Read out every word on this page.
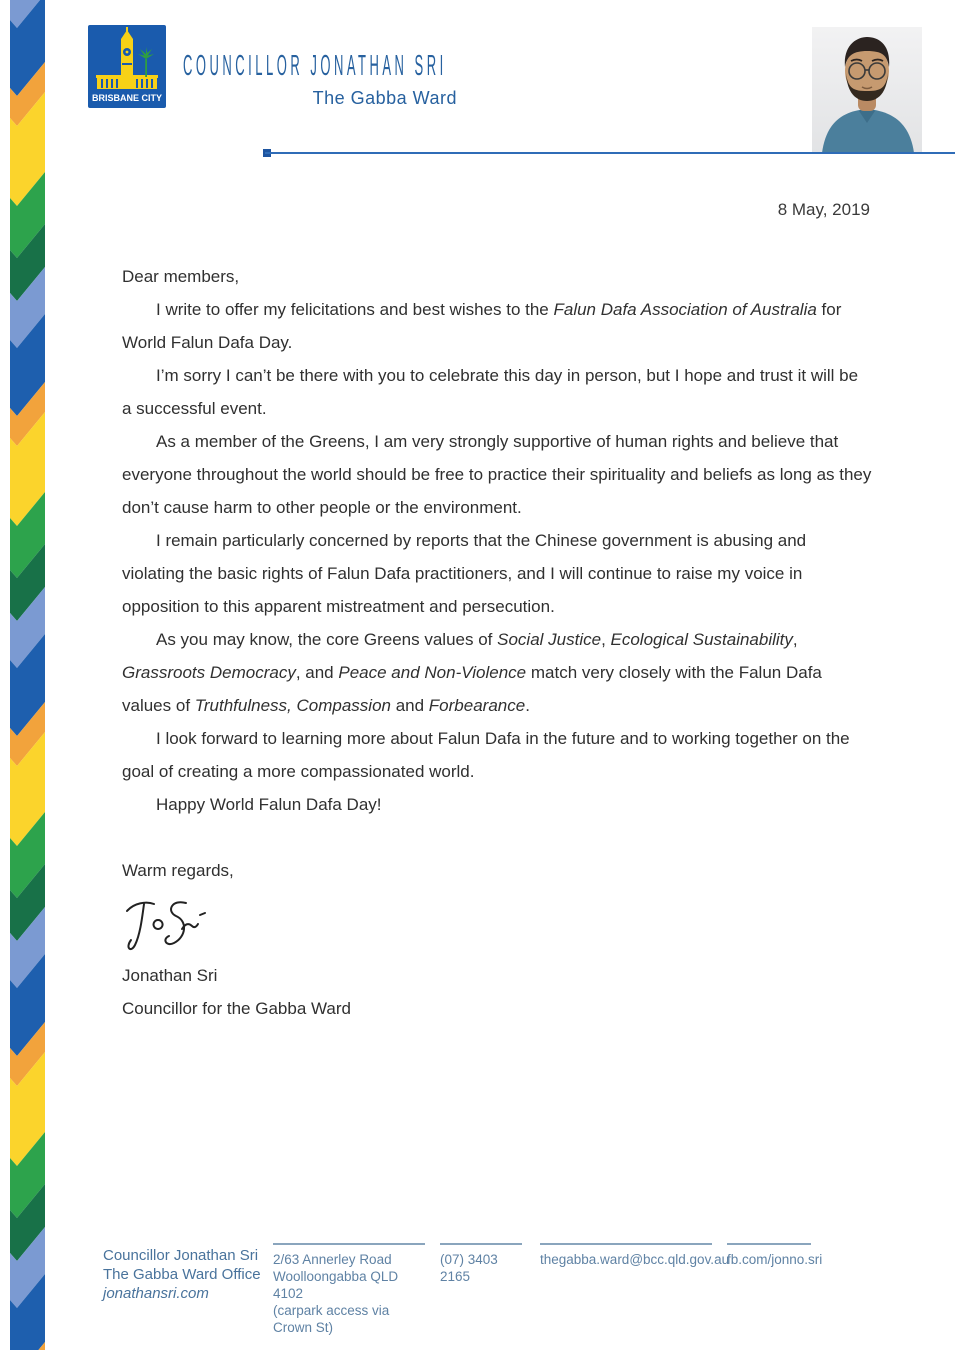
BRISBANE CITY
COUNCILLOR JONATHAN SRI
The Gabba Ward
8 May, 2019

Dear members,

I write to offer my felicitations and best wishes to the Falun Dafa Association of Australia for World Falun Dafa Day.

I’m sorry I can’t be there with you to celebrate this day in person, but I hope and trust it will be a successful event.

As a member of the Greens, I am very strongly supportive of human rights and believe that everyone throughout the world should be free to practice their spirituality and beliefs as long as they don’t cause harm to other people or the environment.

I remain particularly concerned by reports that the Chinese government is abusing and violating the basic rights of Falun Dafa practitioners, and I will continue to raise my voice in opposition to this apparent mistreatment and persecution.

As you may know, the core Greens values of Social Justice, Ecological Sustainability, Grassroots Democracy, and Peace and Non-Violence match very closely with the Falun Dafa values of Truthfulness, Compassion and Forbearance.

I look forward to learning more about Falun Dafa in the future and to working together on the goal of creating a more compassionated world.

Happy World Falun Dafa Day!

Warm regards,

Jonathan Sri

Councillor for the Gabba Ward

Councillor Jonathan Sri
The Gabba Ward Office
jonathansri.com
2/63 Annerley Road
Woolloongabba QLD 4102
(carpark access via Crown St)
(07) 3403 2165
thegabba.ward@bcc.qld.gov.au
fb.com/jonno.sri
